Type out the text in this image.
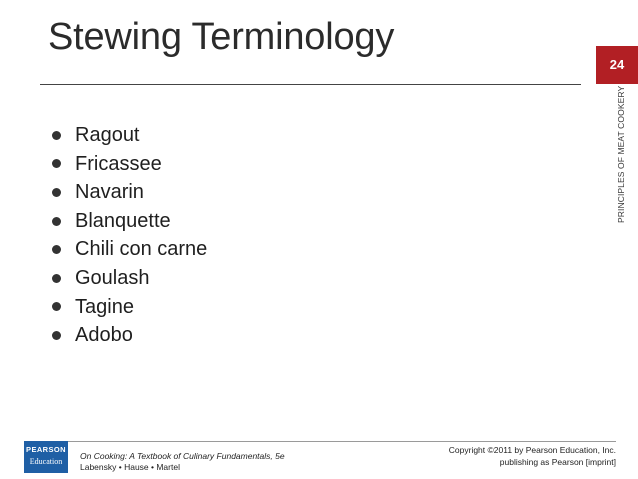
Stewing Terminology
24
PRINCIPLES OF MEAT COOKERY
Ragout
Fricassee
Navarin
Blanquette
Chili con carne
Goulash
Tagine
Adobo
PEARSON
Education
On Cooking: A Textbook of Culinary Fundamentals, 5e
Labensky • Hause • Martel
Copyright ©2011 by Pearson Education, Inc.
publishing as Pearson [imprint]
